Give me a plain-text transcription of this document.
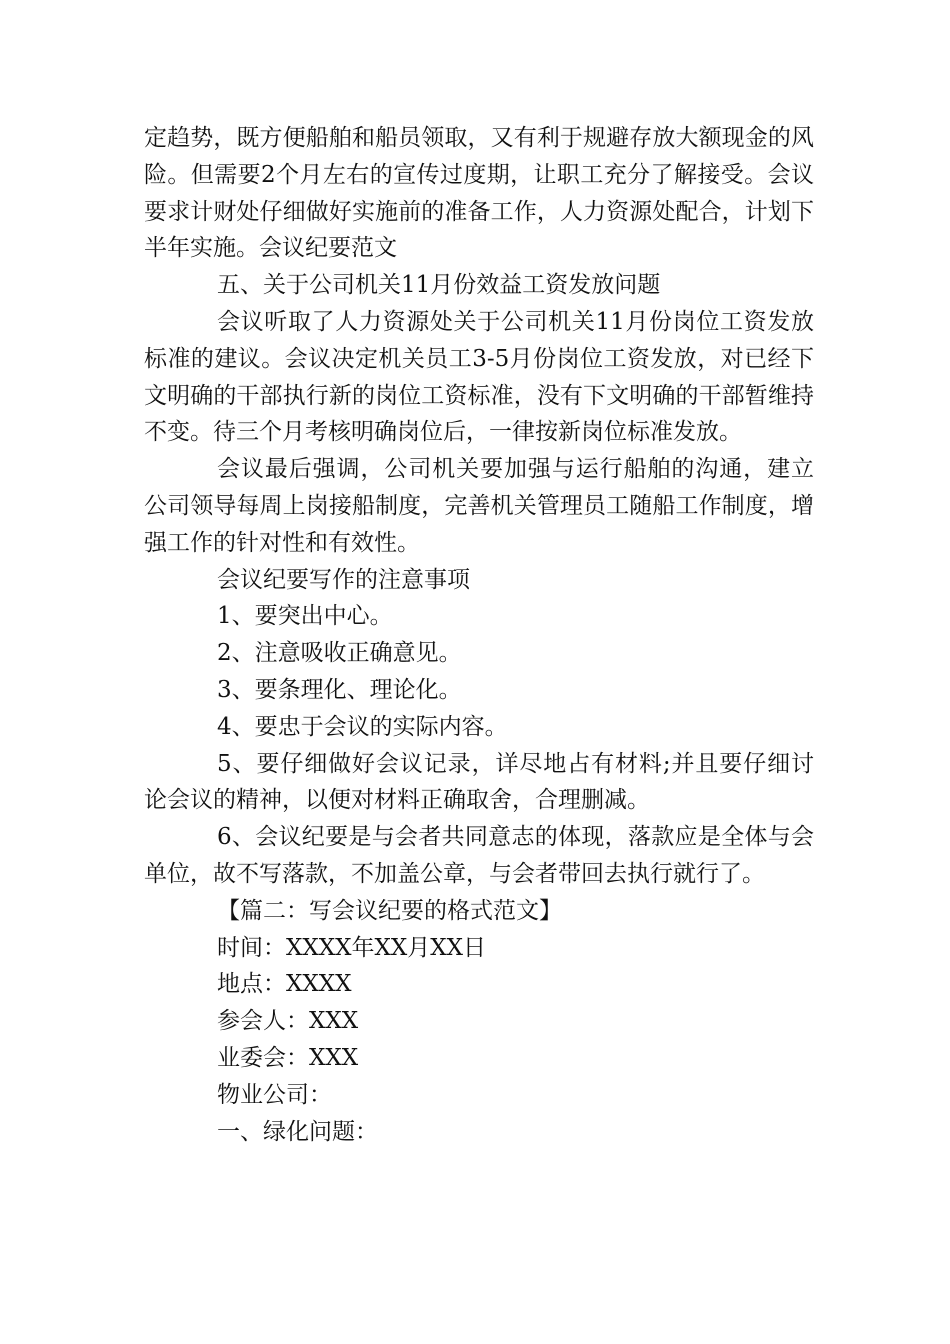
定趋势，既方便船舶和船员领取，又有利于规避存放大额现金的风险。但需要2个月左右的宣传过度期，让职工充分了解接受。会议要求计财处仔细做好实施前的准备工作，人力资源处配合，计划下半年实施。会议纪要范文

五、关于公司机关11月份效益工资发放问题

会议听取了人力资源处关于公司机关11月份岗位工资发放标准的建议。会议决定机关员工3-5月份岗位工资发放，对已经下文明确的干部执行新的岗位工资标准，没有下文明确的干部暂维持不变。待三个月考核明确岗位后，一律按新岗位标准发放。

会议最后强调，公司机关要加强与运行船舶的沟通，建立公司领导每周上岗接船制度，完善机关管理员工随船工作制度，增强工作的针对性和有效性。

会议纪要写作的注意事项

1、要突出中心。

2、注意吸收正确意见。

3、要条理化、理论化。

4、要忠于会议的实际内容。

5、要仔细做好会议记录，详尽地占有材料;并且要仔细讨论会议的精神，以便对材料正确取舍，合理删减。

6、会议纪要是与会者共同意志的体现，落款应是全体与会单位，故不写落款，不加盖公章，与会者带回去执行就行了。

【篇二：写会议纪要的格式范文】

时间：XXXX年XX月XX日

地点：XXXX

参会人：XXX

业委会：XXX

物业公司：

一、绿化问题：
